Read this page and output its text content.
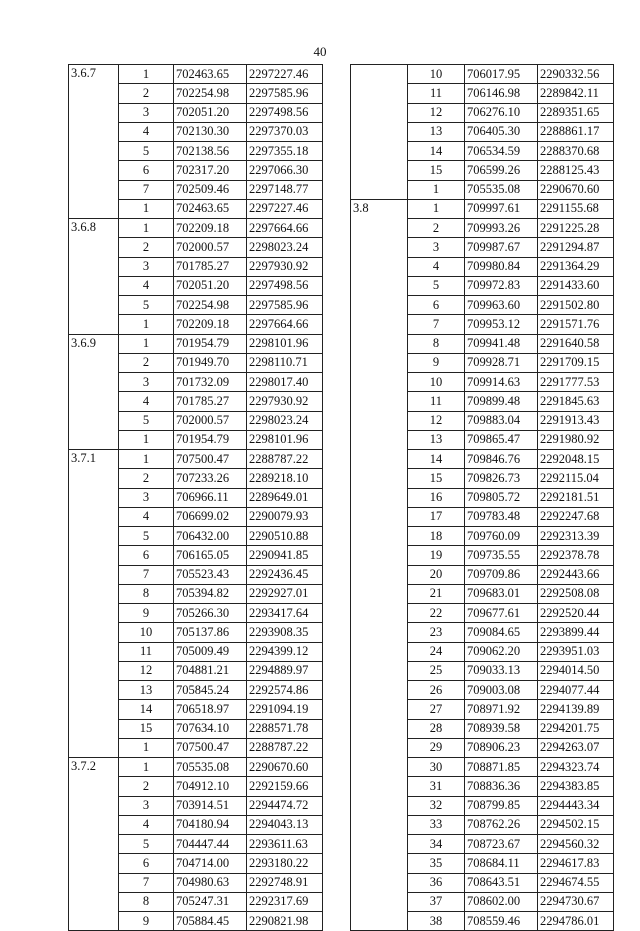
40
3.6.7	1	702463.65	2297227.46
	2	702254.98	2297585.96
	3	702051.20	2297498.56
	4	702130.30	2297370.03
	5	702138.56	2297355.18
	6	702317.20	2297066.30
	7	702509.46	2297148.77
	1	702463.65	2297227.46
3.6.8	1	702209.18	2297664.66
	2	702000.57	2298023.24
	3	701785.27	2297930.92
	4	702051.20	2297498.56
	5	702254.98	2297585.96
	1	702209.18	2297664.66
3.6.9	1	701954.79	2298101.96
	2	701949.70	2298110.71
	3	701732.09	2298017.40
	4	701785.27	2297930.92
	5	702000.57	2298023.24
	1	701954.79	2298101.96
3.7.1	1	707500.47	2288787.22
	2	707233.26	2289218.10
	3	706966.11	2289649.01
	4	706699.02	2290079.93
	5	706432.00	2290510.88
	6	706165.05	2290941.85
	7	705523.43	2292436.45
	8	705394.82	2292927.01
	9	705266.30	2293417.64
	10	705137.86	2293908.35
	11	705009.49	2294399.12
	12	704881.21	2294889.97
	13	705845.24	2292574.86
	14	706518.97	2291094.19
	15	707634.10	2288571.78
	1	707500.47	2288787.22
3.7.2	1	705535.08	2290670.60
	2	704912.10	2292159.66
	3	703914.51	2294474.72
	4	704180.94	2294043.13
	5	704447.44	2293611.63
	6	704714.00	2293180.22
	7	704980.63	2292748.91
	8	705247.31	2292317.69
	9	705884.45	2290821.98
	10	706017.95	2290332.56
	11	706146.98	2289842.11
	12	706276.10	2289351.65
	13	706405.30	2288861.17
	14	706534.59	2288370.68
	15	706599.26	2288125.43
	1	705535.08	2290670.60
3.8	1	709997.61	2291155.68
	2	709993.26	2291225.28
	3	709987.67	2291294.87
	4	709980.84	2291364.29
	5	709972.83	2291433.60
	6	709963.60	2291502.80
	7	709953.12	2291571.76
	8	709941.48	2291640.58
	9	709928.71	2291709.15
	10	709914.63	2291777.53
	11	709899.48	2291845.63
	12	709883.04	2291913.43
	13	709865.47	2291980.92
	14	709846.76	2292048.15
	15	709826.73	2292115.04
	16	709805.72	2292181.51
	17	709783.48	2292247.68
	18	709760.09	2292313.39
	19	709735.55	2292378.78
	20	709709.86	2292443.66
	21	709683.01	2292508.08
	22	709677.61	2292520.44
	23	709084.65	2293899.44
	24	709062.20	2293951.03
	25	709033.13	2294014.50
	26	709003.08	2294077.44
	27	708971.92	2294139.89
	28	708939.58	2294201.75
	29	708906.23	2294263.07
	30	708871.85	2294323.74
	31	708836.36	2294383.85
	32	708799.85	2294443.34
	33	708762.26	2294502.15
	34	708723.67	2294560.32
	35	708684.11	2294617.83
	36	708643.51	2294674.55
	37	708602.00	2294730.67
	38	708559.46	2294786.01
